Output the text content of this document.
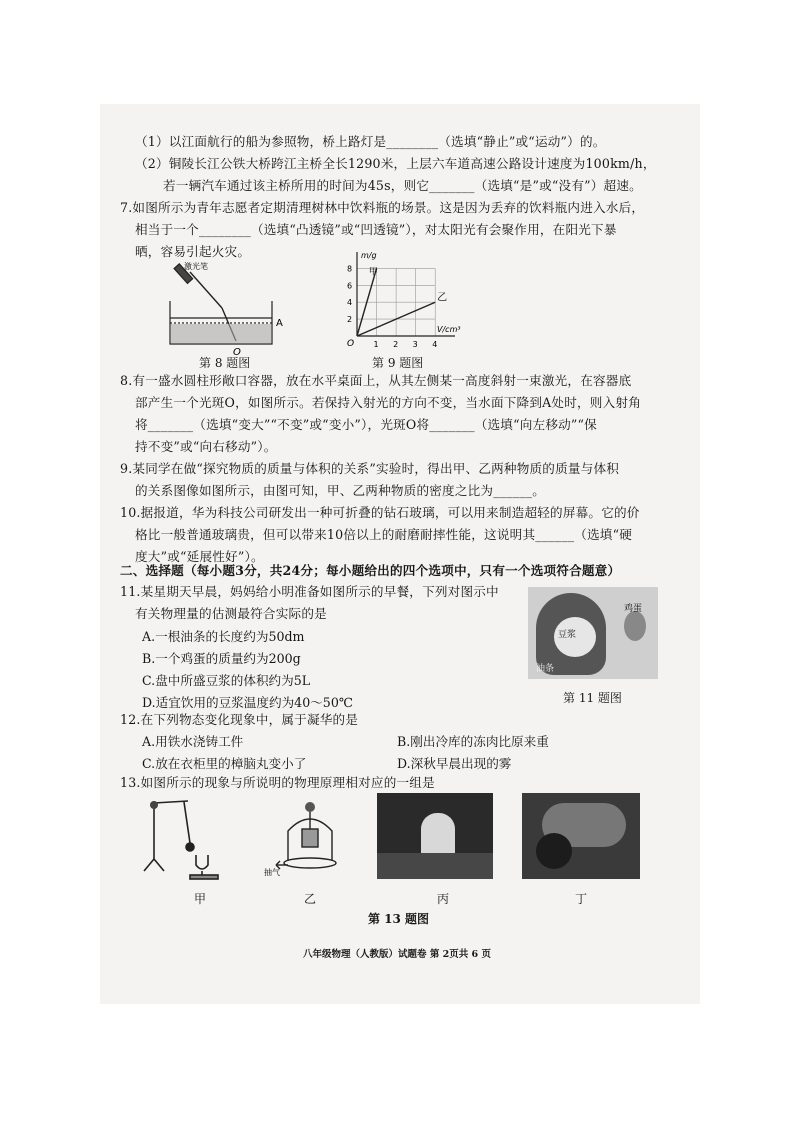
（1）以江面航行的船为参照物，桥上路灯是________（选填“静止”或“运动”）的。
（2）铜陵长江公铁大桥跨江主桥全长1290米，上层六车道高速公路设计速度为100km/h，
若一辆汽车通过该主桥所用的时间为45s，则它_______（选填“是”或“没有”）超速。
7.如图所示为青年志愿者定期清理树林中饮料瓶的场景。这是因为丢弃的饮料瓶内进入水后，
相当于一个________（选填“凸透镜”或“凹透镜”），对太阳光有会聚作用，在阳光下暴
晒，容易引起火灾。
激光笔
A
O
第 8 题图
1 2 3 4
2
4
6
8
O
m/g
V/cm³
甲
乙
第 9 题图
8.有一盛水圆柱形敞口容器，放在水平桌面上，从其左侧某一高度斜射一束激光，在容器底
部产生一个光斑O，如图所示。若保持入射光的方向不变，当水面下降到A处时，则入射角
将_______（选填“变大”“不变”或“变小”），光斑O将_______（选填“向左移动”“保
持不变”或“向右移动”）。
9.某同学在做“探究物质的质量与体积的关系”实验时，得出甲、乙两种物质的质量与体积
的关系图像如图所示，由图可知，甲、乙两种物质的密度之比为______。
10.据报道，华为科技公司研发出一种可折叠的钻石玻璃，可以用来制造超轻的屏幕。它的价
格比一般普通玻璃贵，但可以带来10倍以上的耐磨耐摔性能，这说明其______（选填“硬
度大”或“延展性好”）。
二、选择题（每小题3分，共24分；每小题给出的四个选项中，只有一个选项符合题意）
11.某星期天早晨，妈妈给小明准备如图所示的早餐，下列对图示中
有关物理量的估测最符合实际的是
A.一根油条的长度约为50dm
B.一个鸡蛋的质量约为200g
C.盘中所盛豆浆的体积约为5L
D.适宜饮用的豆浆温度约为40～50℃
豆浆
鸡蛋
油条
第 11 题图
12.在下列物态变化现象中，属于凝华的是
A.用铁水浇铸工件	B.刚出冷库的冻肉比原来重
C.放在衣柜里的樟脑丸变小了	D.深秋早晨出现的雾
13.如图所示的现象与所说明的物理原理相对应的一组是
抽气
甲	乙	丙	丁
第 13 题图
八年级物理（人教版）试题卷 第 2页共 6 页
